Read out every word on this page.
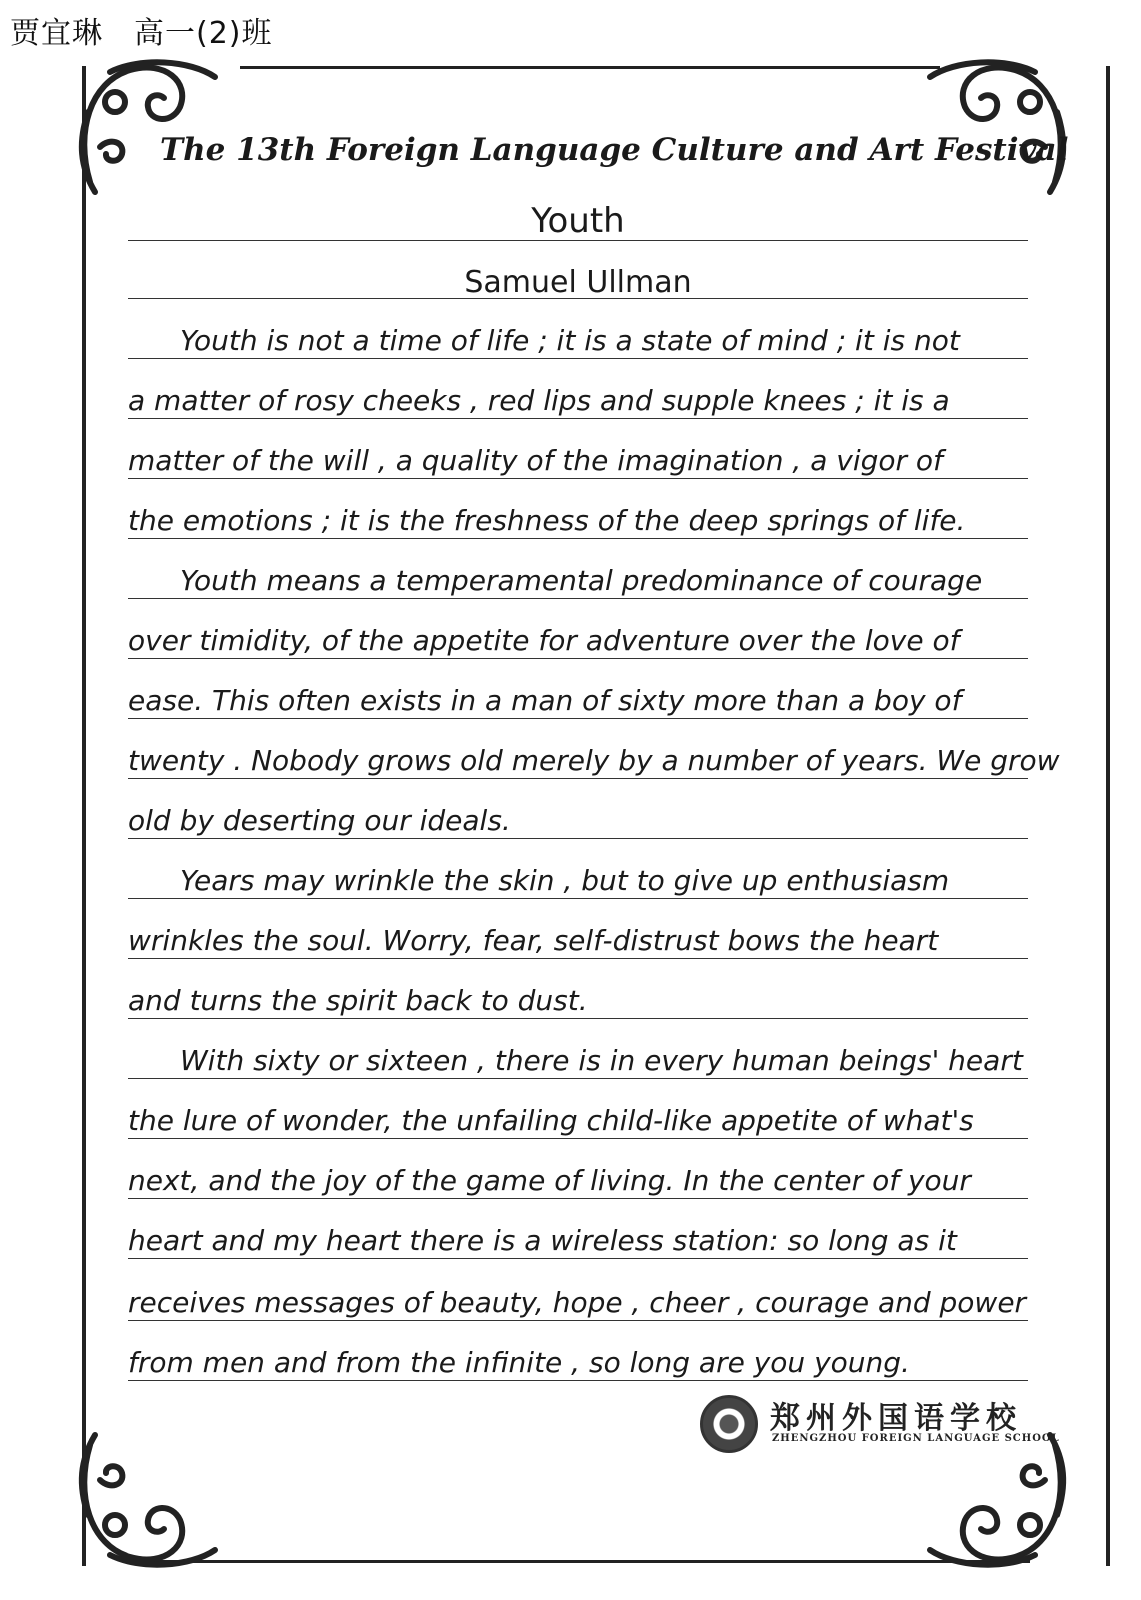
贾宜琳　高一(2)班
The 13th Foreign Language Culture and Art Festival
Youth
Samuel Ullman
Youth is not a time of life ; it is a state of mind ; it is not
a matter of rosy cheeks , red lips and supple knees ; it is a
matter of the will , a quality of the imagination , a vigor of
the emotions ; it is the freshness of the deep springs of life.
Youth means a temperamental predominance of courage
over timidity, of the appetite for adventure over the love of
ease. This often exists in a man of sixty more than a boy of
twenty . Nobody grows old merely by a number of years. We grow
old by deserting our ideals.
Years may wrinkle the skin , but to give up enthusiasm
wrinkles the soul. Worry, fear, self-distrust bows the heart
and turns the spirit back to dust.
With sixty or sixteen , there is in every human beings' heart
the lure of wonder, the unfailing child-like appetite of what's
next, and the joy of the game of living. In the center of your
heart and my heart there is a wireless station: so long as it
receives messages of beauty, hope , cheer , courage and power
from men and from the infinite , so long are you young.
郑州外国语学校
ZHENGZHOU FOREIGN LANGUAGE SCHOOL
